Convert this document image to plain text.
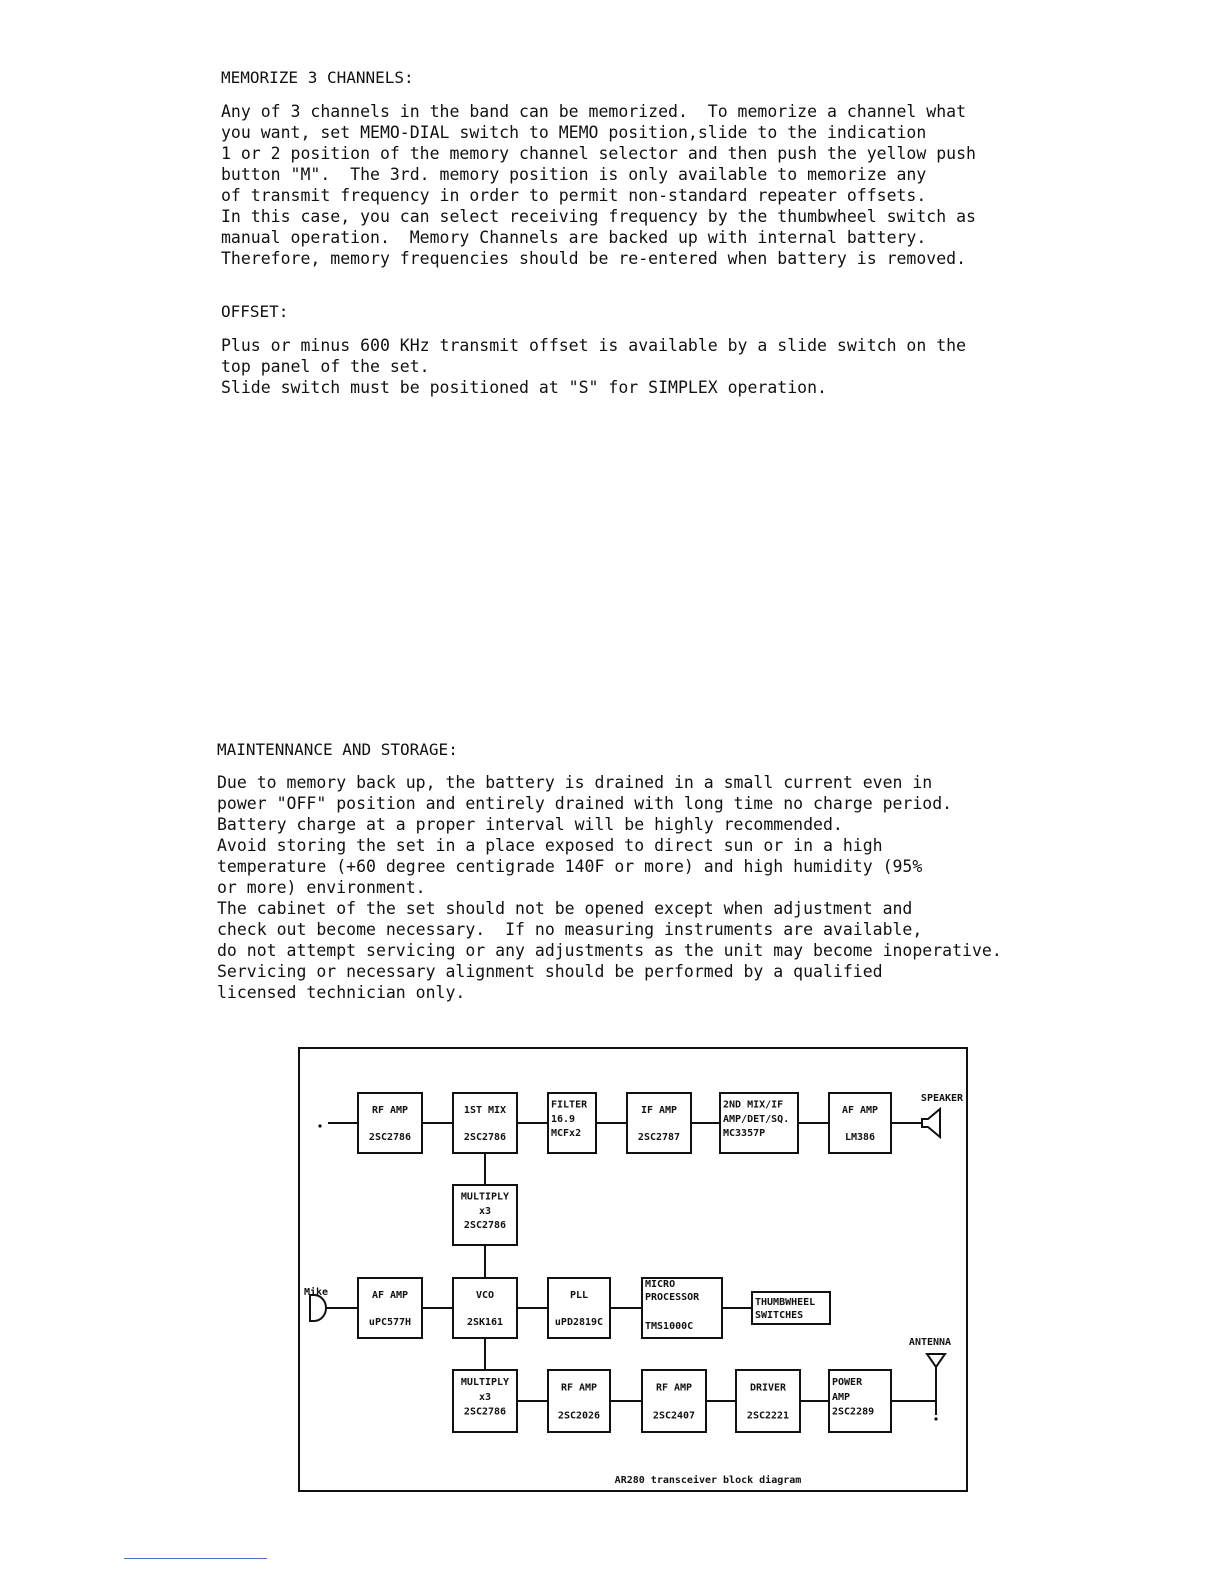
MEMORIZE 3 CHANNELS:

Any of 3 channels in the band can be memorized.  To memorize a channel what
you want, set MEMO-DIAL switch to MEMO position,slide to the indication
1 or 2 position of the memory channel selector and then push the yellow push
button "M".  The 3rd. memory position is only available to memorize any
of transmit frequency in order to permit non-standard repeater offsets.
In this case, you can select receiving frequency by the thumbwheel switch as
manual operation.  Memory Channels are backed up with internal battery.
Therefore, memory frequencies should be re-entered when battery is removed.

OFFSET:

Plus or minus 600 KHz transmit offset is available by a slide switch on the
top panel of the set.
Slide switch must be positioned at "S" for SIMPLEX operation.

MAINTENNANCE AND STORAGE:

Due to memory back up, the battery is drained in a small current even in
power "OFF" position and entirely drained with long time no charge period.
Battery charge at a proper interval will be highly recommended.
Avoid storing the set in a place exposed to direct sun or in a high
temperature (+60 degree centigrade 140F or more) and high humidity (95%
or more) environment.
The cabinet of the set should not be opened except when adjustment and
check out become necessary.  If no measuring instruments are available,
do not attempt servicing or any adjustments as the unit may become inoperative.
Servicing or necessary alignment should be performed by a qualified
licensed technician only.

RF AMP
2SC2786
1ST MIX
2SC2786
FILTER
16.9
MCFx2
IF AMP
2SC2787
2ND MIX/IF
AMP/DET/SQ.
MC3357P
AF AMP
LM386
MULTIPLY
x3
2SC2786
AF AMP
uPC577H
VCO
2SK161
PLL
uPD2819C
MICRO
PROCESSOR
TMS1000C
THUMBWHEEL
SWITCHES
MULTIPLY
x3
2SC2786
RF AMP
2SC2026
RF AMP
2SC2407
DRIVER
2SC2221
POWER
AMP
2SC2289
SPEAKER
Mike
ANTENNA
AR280 transceiver block diagram
